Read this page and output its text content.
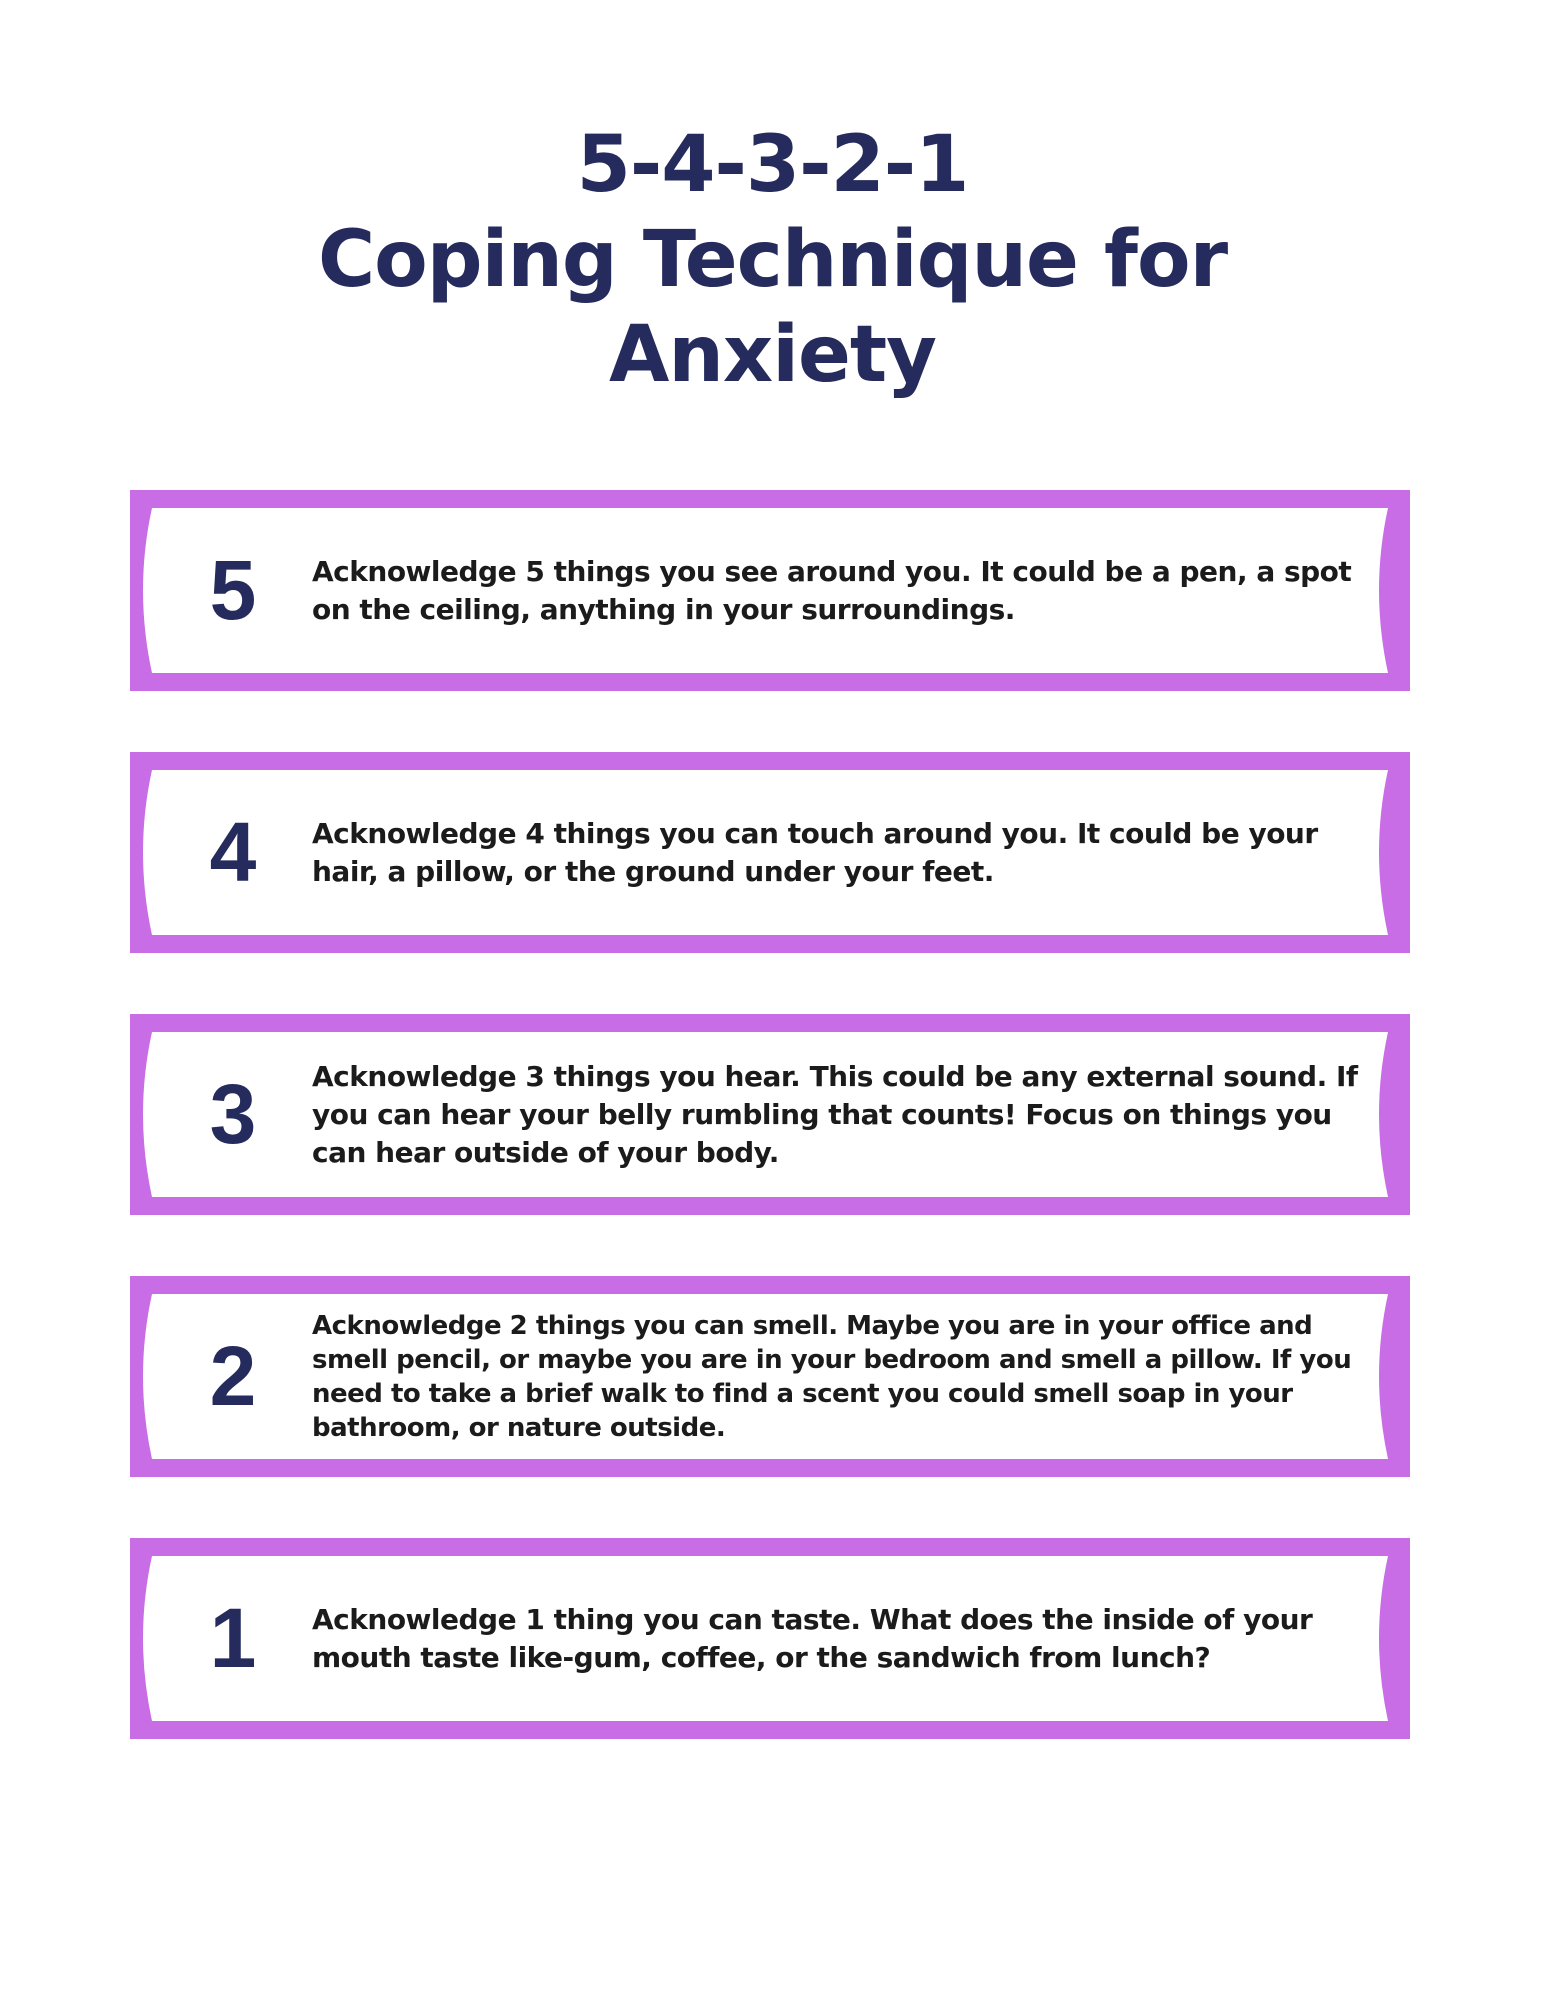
5-4-3-2-1
Coping Technique for
Anxiety
5	Acknowledge 5 things you see around you. It could be a pen, a spot on the ceiling, anything in your surroundings.
4	Acknowledge 4 things you can touch around you. It could be your hair, a pillow, or the ground under your feet.
3	Acknowledge 3 things you hear. This could be any external sound. If you can hear your belly rumbling that counts! Focus on things you can hear outside of your body.
2
Acknowledge 2 things you can smell. Maybe you are in your office and smell pencil, or maybe you are in your bedroom and smell a pillow. If you need to take a brief walk to find a scent you could smell soap in your bathroom, or nature outside.
1	Acknowledge 1 thing you can taste. What does the inside of your mouth taste like-gum, coffee, or the sandwich from lunch?
